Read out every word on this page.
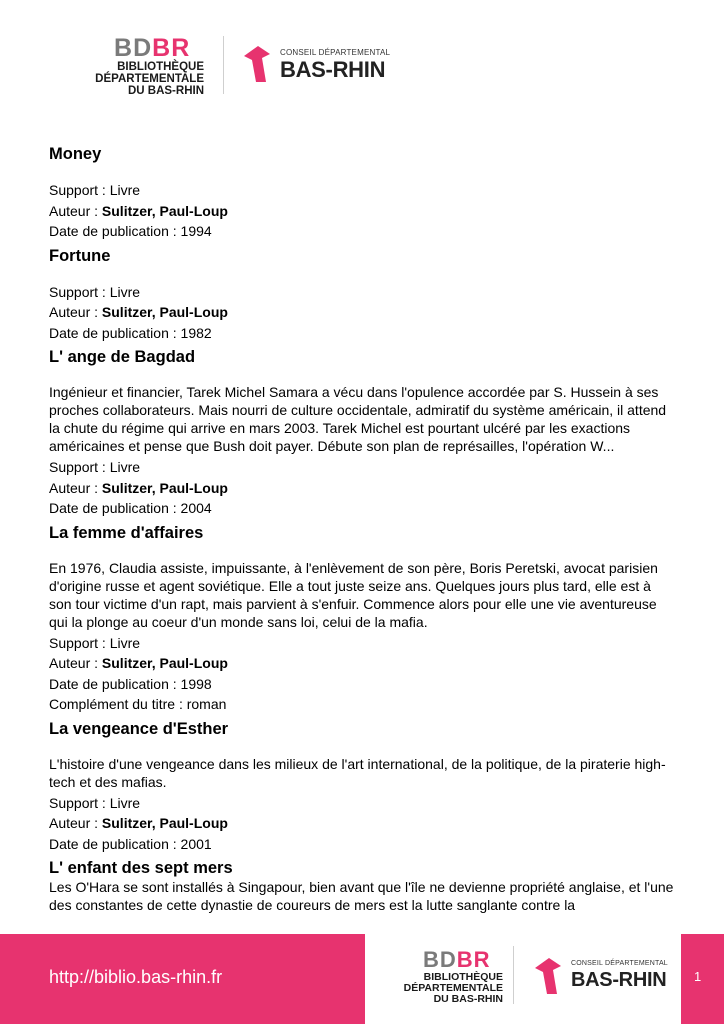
BDBR
BIBLIOTHÈQUE
DÉPARTEMENTALE
DU BAS-RHIN
CONSEIL DÉPARTEMENTAL
BAS-RHIN
Money

Support : Livre

Auteur : Sulitzer, Paul-Loup

Date de publication : 1994

Fortune

Support : Livre

Auteur : Sulitzer, Paul-Loup

Date de publication : 1982

L' ange de Bagdad

Ingénieur et financier, Tarek Michel Samara a vécu dans l'opulence accordée par S. Hussein à ses proches collaborateurs. Mais nourri de culture occidentale, admiratif du système américain, il attend la chute du régime qui arrive en mars 2003. Tarek Michel est pourtant ulcéré par les exactions américaines et pense que Bush doit payer. Débute son plan de représailles, l'opération W...

Support : Livre

Auteur : Sulitzer, Paul-Loup

Date de publication : 2004

La femme d'affaires

En 1976, Claudia assiste, impuissante, à l'enlèvement de son père, Boris Peretski, avocat parisien d'origine russe et agent soviétique. Elle a tout juste seize ans. Quelques jours plus tard, elle est à son tour victime d'un rapt, mais parvient à s'enfuir. Commence alors pour elle une vie aventureuse qui la plonge au coeur d'un monde sans loi, celui de la mafia.

Support : Livre

Auteur : Sulitzer, Paul-Loup

Date de publication : 1998

Complément du titre : roman

La vengeance d'Esther

L'histoire d'une vengeance dans les milieux de l'art international, de la politique, de la piraterie high-tech et des mafias.

Support : Livre

Auteur : Sulitzer, Paul-Loup

Date de publication : 2001

L' enfant des sept mers

Les O'Hara se sont installés à Singapour, bien avant que l'île ne devienne propriété anglaise, et l'une des constantes de cette dynastie de coureurs de mers est la lutte sanglante contre la

http://biblio.bas-rhin.fr
BDBR
BIBLIOTHÈQUE
DÉPARTEMENTALE
DU BAS-RHIN
CONSEIL DÉPARTEMENTAL
BAS-RHIN 1
